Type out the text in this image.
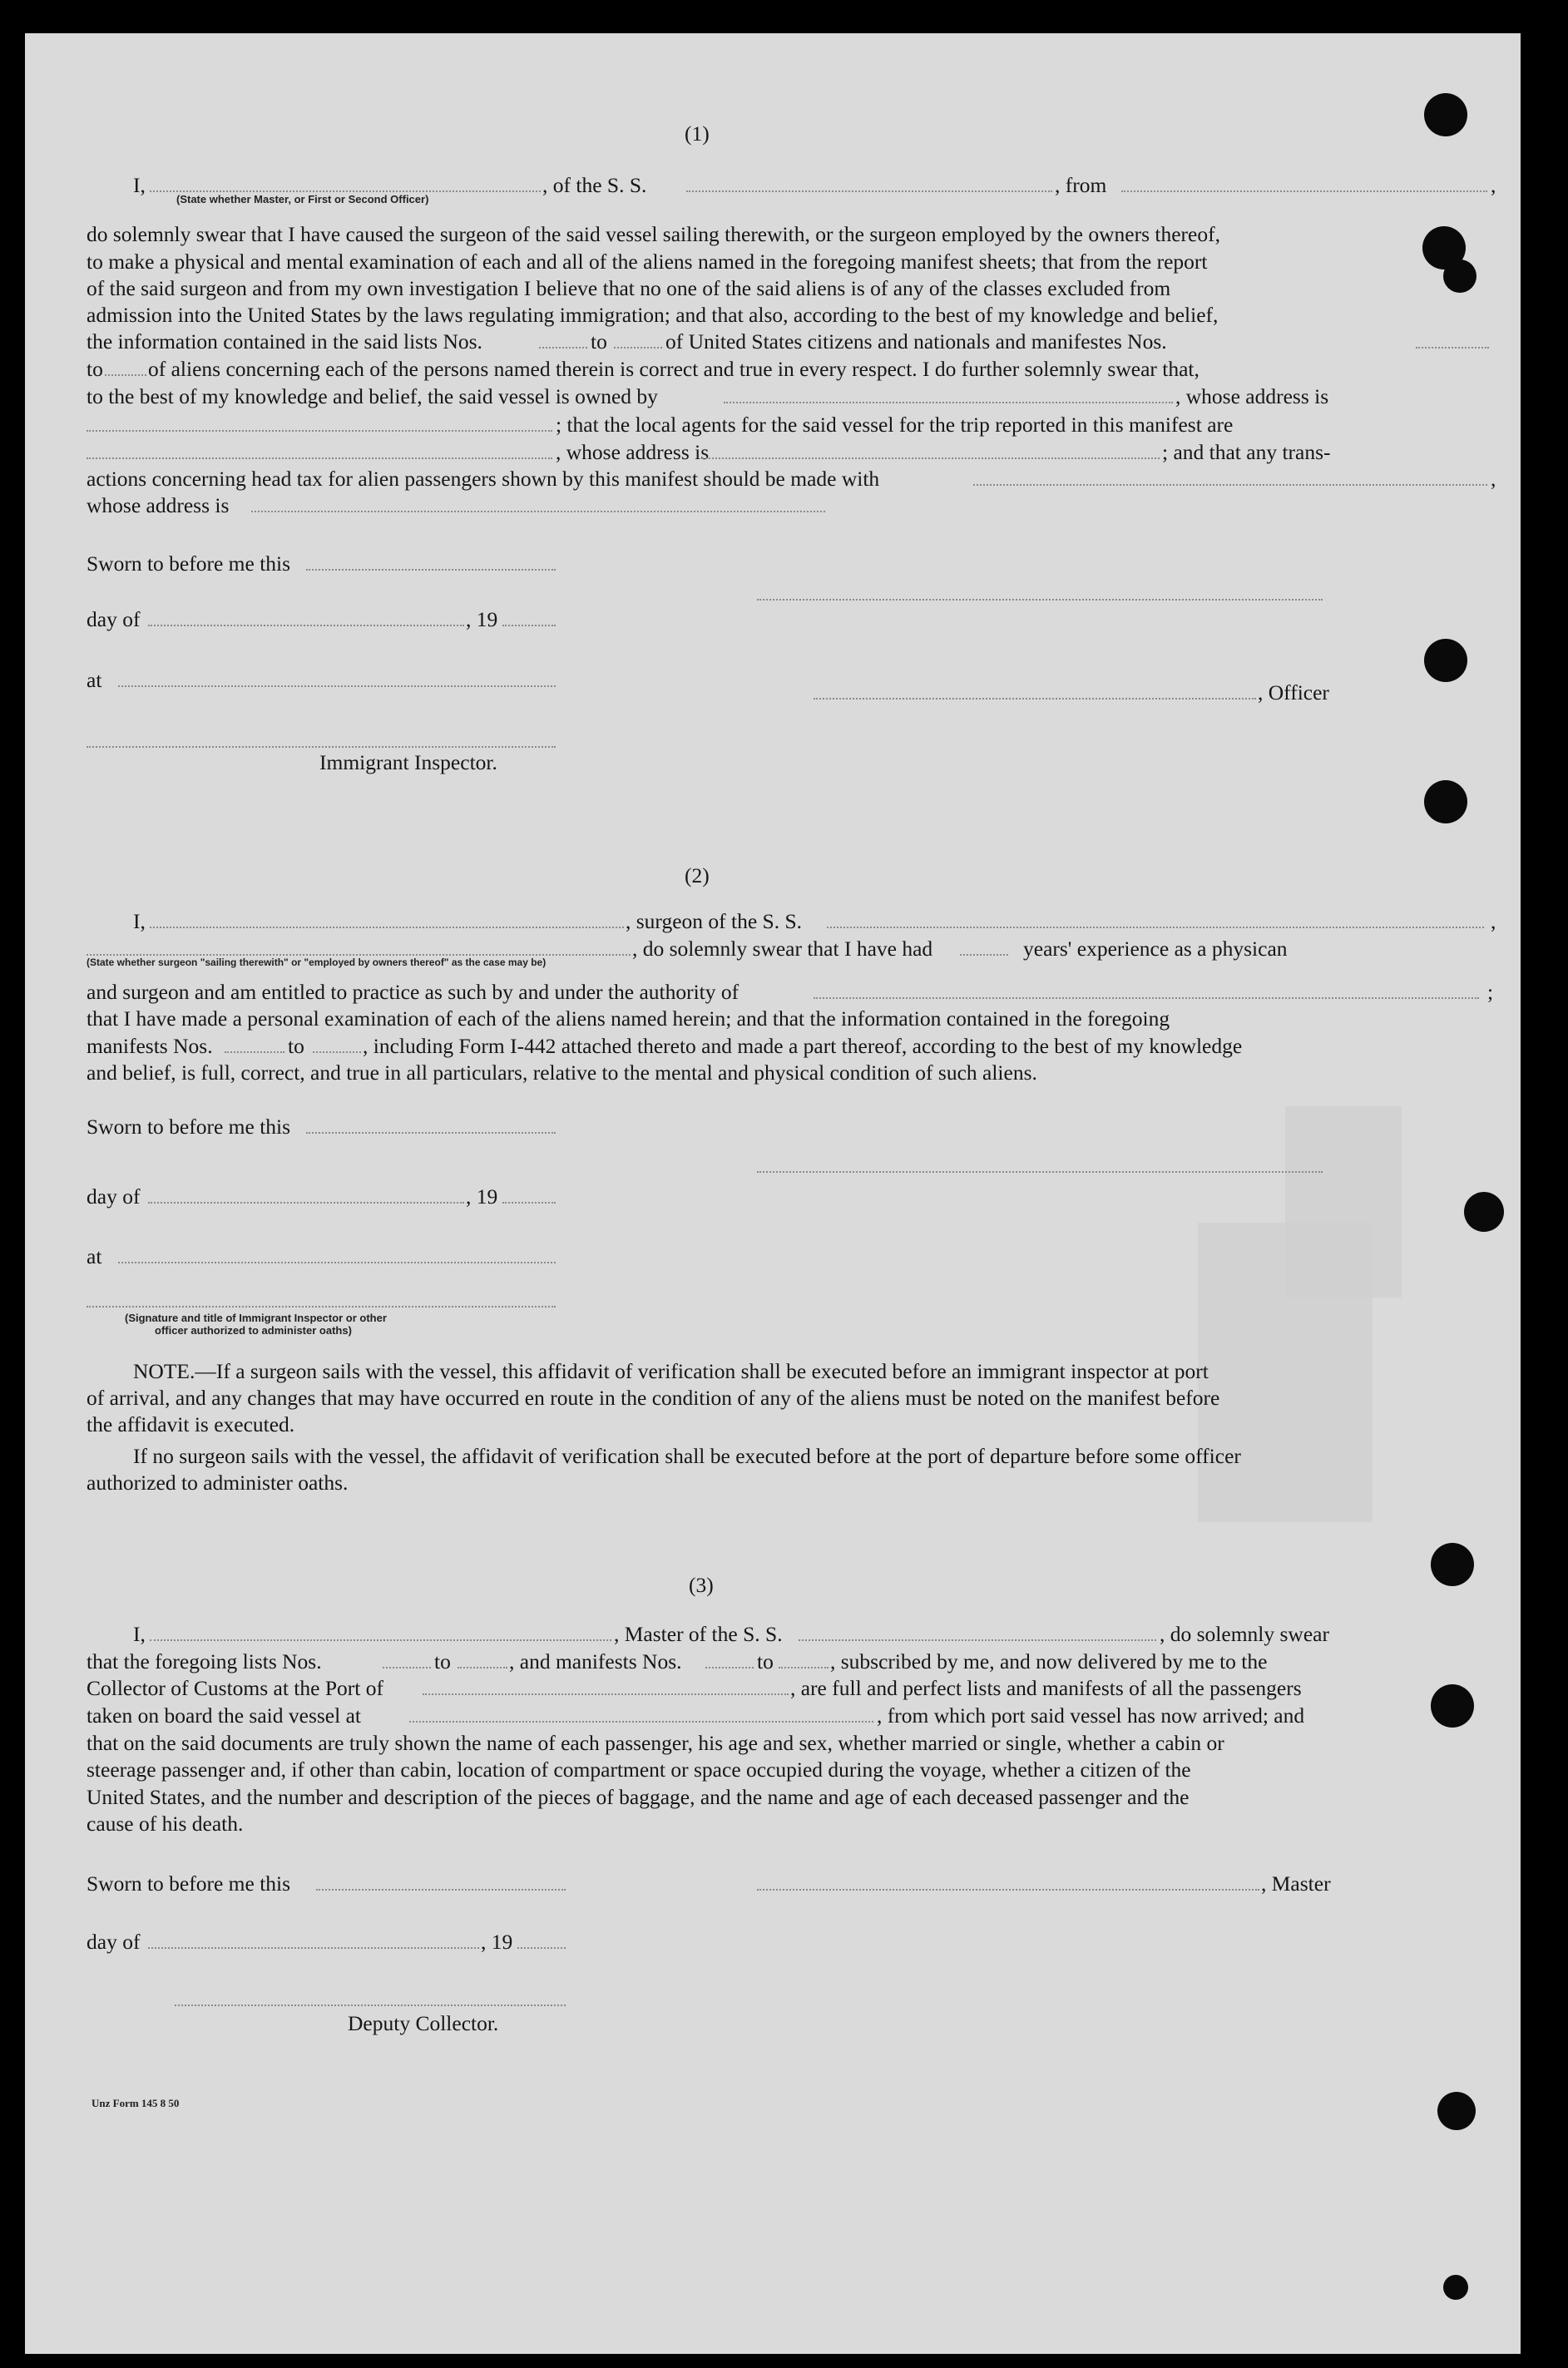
(1)
I,	, of the S. S.	, from	,
(State whether Master, or First or Second Officer)
do solemnly swear that I have caused the surgeon of the said vessel sailing therewith, or the surgeon employed by the owners thereof,
to make a physical and mental examination of each and all of the aliens named in the foregoing manifest sheets; that from the report
of the said surgeon and from my own investigation I believe that no one of the said aliens is of any of the classes excluded from
admission into the United States by the laws regulating immigration; and that also, according to the best of my knowledge and belief,
the information contained in the said lists Nos.	to	of United States citizens and nationals and manifestes Nos.
to of aliens concerning each of the persons named therein is correct and true in every respect. I do further solemnly swear that,
to the best of my knowledge and belief, the said vessel is owned by	, whose address is
; that the local agents for the said vessel for the trip reported in this manifest are
, whose address is	; and that any trans-
actions concerning head tax for alien passengers shown by this manifest should be made with	,
whose address is
Sworn to before me this
day of	, 19
at
, Officer
Immigrant Inspector.
(2)
I,	, surgeon of the S. S.	,
, do solemnly swear that I have had	years' experience as a physican
(State whether surgeon "sailing therewith" or "employed by owners thereof" as the case may be)
and surgeon and am entitled to practice as such by and under the authority of	;
that I have made a personal examination of each of the aliens named herein; and that the information contained in the foregoing
manifests Nos.	to	, including Form I-442 attached thereto and made a part thereof, according to the best of my knowledge
and belief, is full, correct, and true in all particulars, relative to the mental and physical condition of such aliens.
Sworn to before me this
day of	, 19
at
(Signature and title of Immigrant Inspector or other
officer authorized to administer oaths)
NOTE.—If a surgeon sails with the vessel, this affidavit of verification shall be executed before an immigrant inspector at port
of arrival, and any changes that may have occurred en route in the condition of any of the aliens must be noted on the manifest before
the affidavit is executed.
If no surgeon sails with the vessel, the affidavit of verification shall be executed before at the port of departure before some officer
authorized to administer oaths.
(3)
I,	, Master of the S. S.	, do solemnly swear
that the foregoing lists Nos.	to	, and manifests Nos.	to	, subscribed by me, and now delivered by me to the
Collector of Customs at the Port of	, are full and perfect lists and manifests of all the passengers
taken on board the said vessel at	, from which port said vessel has now arrived; and
that on the said documents are truly shown the name of each passenger, his age and sex, whether married or single, whether a cabin or
steerage passenger and, if other than cabin, location of compartment or space occupied during the voyage, whether a citizen of the
United States, and the number and description of the pieces of baggage, and the name and age of each deceased passenger and the
cause of his death.
Sworn to before me this	, Master
day of	, 19
Deputy Collector.
Unz Form 145 8 50
